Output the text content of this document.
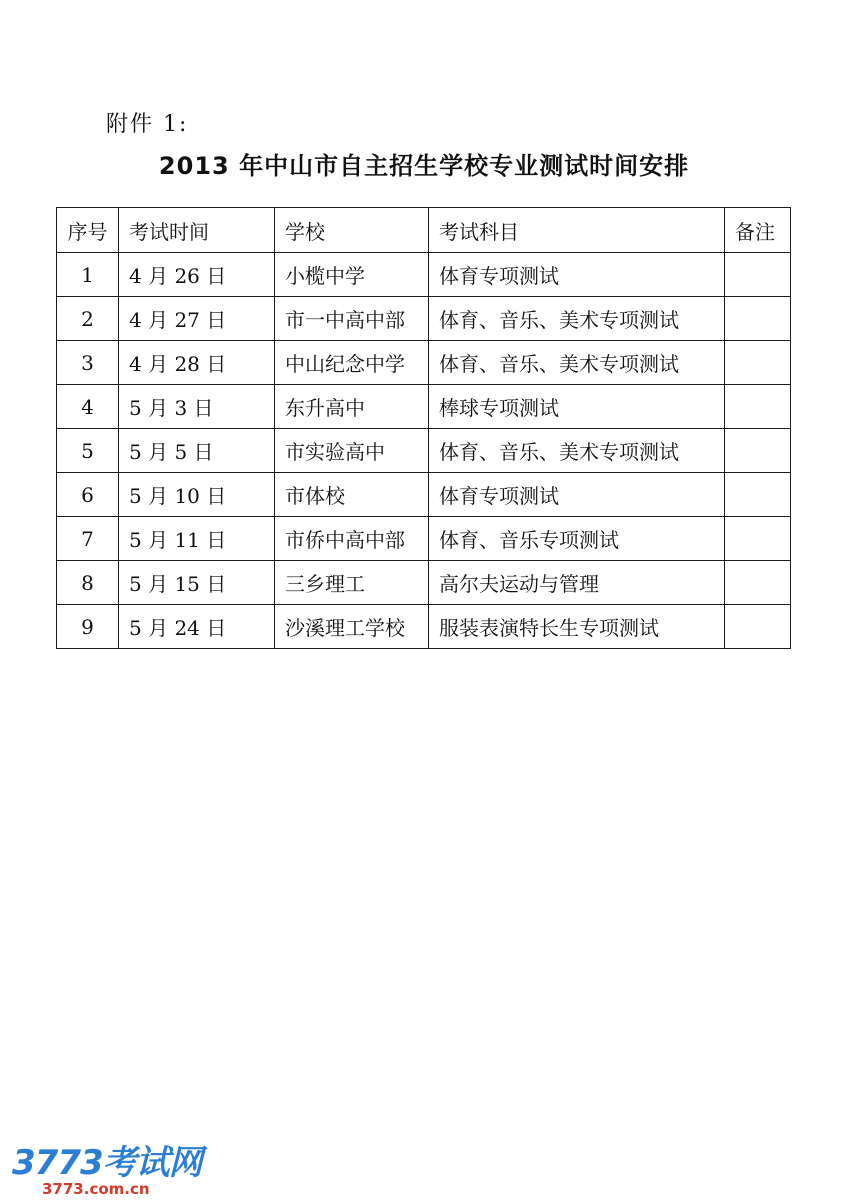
附件 1:
2013 年中山市自主招生学校专业测试时间安排
序号	考试时间	学校	考试科目	备注
1	4 月 26 日	小榄中学	体育专项测试	
2	4 月 27 日	市一中高中部	体育、音乐、美术专项测试	
3	4 月 28 日	中山纪念中学	体育、音乐、美术专项测试	
4	5 月 3 日	东升高中	棒球专项测试	
5	5 月 5 日	市实验高中	体育、音乐、美术专项测试	
6	5 月 10 日	市体校	体育专项测试	
7	5 月 11 日	市侨中高中部	体育、音乐专项测试	
8	5 月 15 日	三乡理工	高尔夫运动与管理	
9	5 月 24 日	沙溪理工学校	服装表演特长生专项测试	
3773考试网
3773.com.cn
